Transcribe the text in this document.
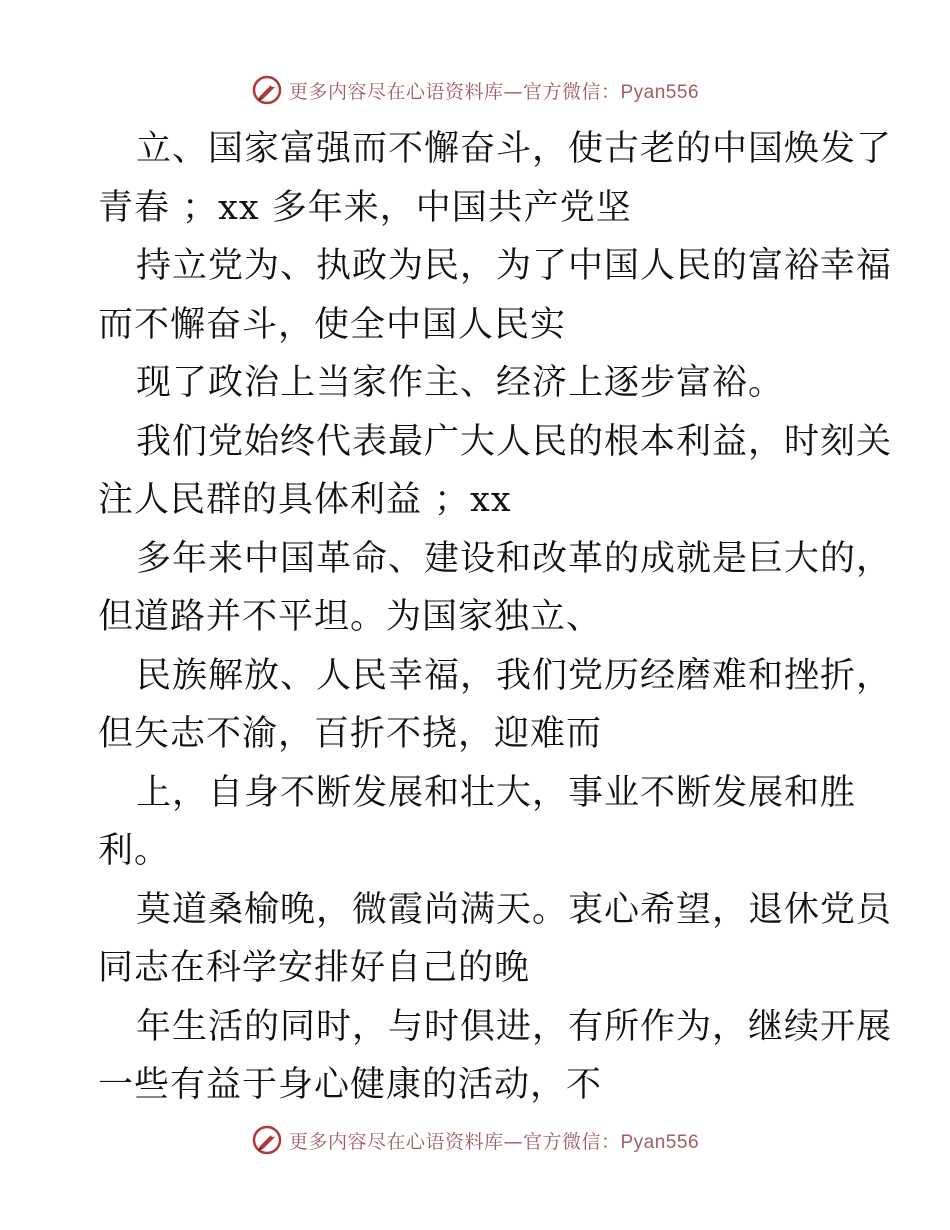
更多内容尽在心语资料库—官方微信：Pyan556
立、国家富强而不懈奋斗，使古老的中国焕发了
青春 ；xx 多年来，中国共产党坚
持立党为、执政为民，为了中国人民的富裕幸福
而不懈奋斗，使全中国人民实
现了政治上当家作主、经济上逐步富裕。
我们党始终代表最广大人民的根本利益，时刻关
注人民群的具体利益 ；xx
多年来中国革命、建设和改革的成就是巨大的，
但道路并不平坦。为国家独立、
民族解放、人民幸福，我们党历经磨难和挫折，
但矢志不渝，百折不挠，迎难而
上，自身不断发展和壮大，事业不断发展和胜
利。
莫道桑榆晚，微霞尚满天。衷心希望，退休党员
同志在科学安排好自己的晚
年生活的同时，与时俱进，有所作为，继续开展
一些有益于身心健康的活动，不
更多内容尽在心语资料库—官方微信：Pyan556
